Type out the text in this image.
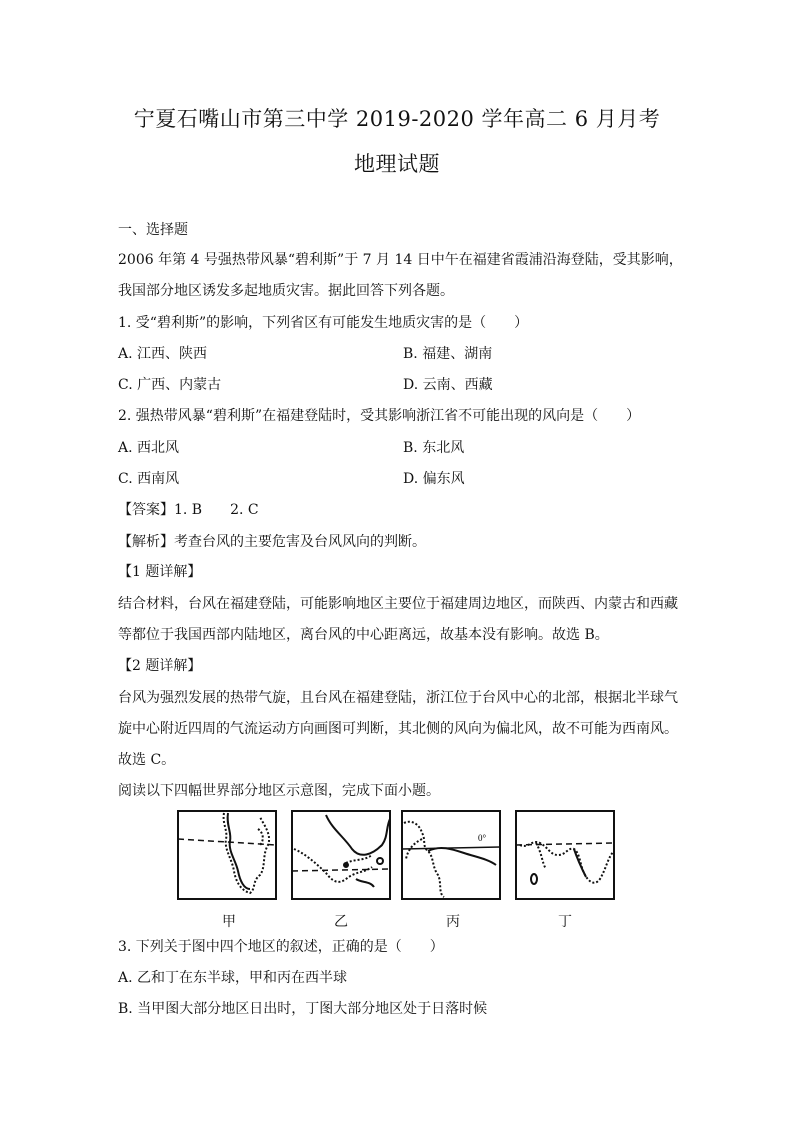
宁夏石嘴山市第三中学 2019-2020 学年高二 6 月月考
地理试题
一、选择题
2006 年第 4 号强热带风暴“碧利斯”于 7 月 14 日中午在福建省霞浦沿海登陆，受其影响，
我国部分地区诱发多起地质灾害。据此回答下列各题。
1. 受“碧利斯”的影响，下列省区有可能发生地质灾害的是（　　）
A. 江西、陕西	B. 福建、湖南
C. 广西、内蒙古	D. 云南、西藏
2. 强热带风暴“碧利斯”在福建登陆时，受其影响浙江省不可能出现的风向是（　　）
A. 西北风	B. 东北风
C. 西南风	D. 偏东风
【答案】1. B　　2. C
【解析】考查台风的主要危害及台风风向的判断。
【1 题详解】
结合材料，台风在福建登陆，可能影响地区主要位于福建周边地区，而陕西、内蒙古和西藏
等都位于我国西部内陆地区，离台风的中心距离远，故基本没有影响。故选 B。
【2 题详解】
台风为强烈发展的热带气旋，且台风在福建登陆，浙江位于台风中心的北部，根据北半球气
旋中心附近四周的气流运动方向画图可判断，其北侧的风向为偏北风，故不可能为西南风。
故选 C。
阅读以下四幅世界部分地区示意图，完成下面小题。
0°
甲	乙	丙	丁
3. 下列关于图中四个地区的叙述，正确的是（　　）
A. 乙和丁在东半球，甲和丙在西半球
B. 当甲图大部分地区日出时，丁图大部分地区处于日落时候
